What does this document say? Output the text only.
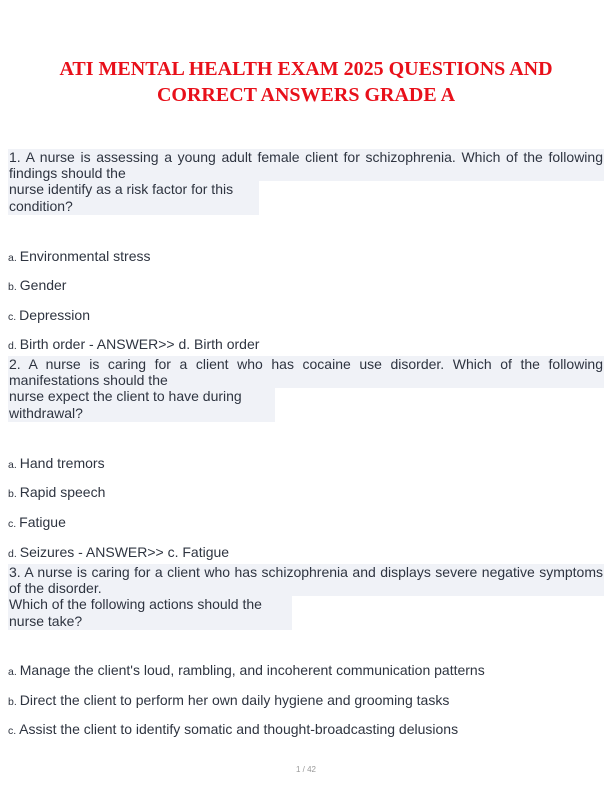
ATI MENTAL HEALTH EXAM 2025 QUESTIONS AND
CORRECT ANSWERS GRADE A
1. A nurse is assessing a young adult female client for schizophrenia. Which of the following findings should the
nurse identify as a risk factor for this
condition?
a. Environmental stress
b. Gender
c. Depression
d. Birth order - ANSWER>> d. Birth order
2. A nurse is caring for a client who has cocaine use disorder. Which of the following manifestations should the
nurse expect the client to have during
withdrawal?
a. Hand tremors
b. Rapid speech
c. Fatigue
d. Seizures - ANSWER>> c. Fatigue
3. A nurse is caring for a client who has schizophrenia and displays severe negative symptoms of the disorder.
Which of the following actions should the
nurse take?
a. Manage the client's loud, rambling, and incoherent communication patterns
b. Direct the client to perform her own daily hygiene and grooming tasks
c. Assist the client to identify somatic and thought-broadcasting delusions
1 / 42
